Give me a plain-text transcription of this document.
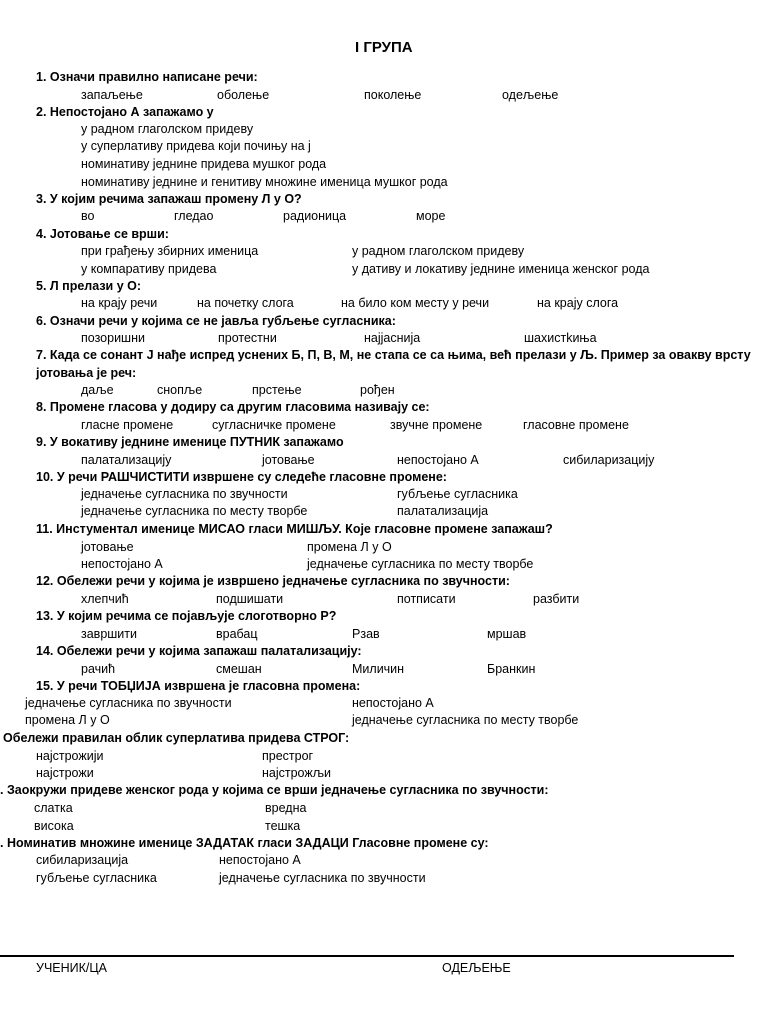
I ГРУПА
1. Означи правилно написане речи:
запаљење	оболење	поколење	одељење
2. Непостојано А запажамо у
у радном глаголском придеву
у суперлативу придева који почињу на ј
номинативу једнине придева мушког рода
номинативу једнине и генитиву множине именица мушког рода
3. У којим речима запажаш промену Л у О?
во	гледао	радионица	море
4. Јотовање се врши:
при грађењу збирних именица	у радном глаголском придеву
у компаративу придева	у дативу и локативу једнине именица женског рода
5. Л прелази у О:
на крају речи	на почетку слога	на било ком месту у речи	на крају слога
6. Означи речи у којима се не јавља губљење сугласника:
позоришни	протестни	најјаснија	шахистkиња
7. Када се сонант Ј нађе испред уснених Б, П, В, М, не стапа се са њима, већ прелази у Љ. Пример за овакву врсту
јотовања је реч:
даље	снопље	прстење	рођен
8. Промене гласова у додиру са другим гласовима називају се:
гласне промене	сугласничке промене	звучне промене	гласовне промене
9. У вокативу једнине именице ПУТНИК запажамо
палатализацију	јотовање	непостојано А	сибиларизацију
10. У речи РАШЧИСТИТИ извршене су следеће гласовне промене:
једначење сугласника по звучности	губљење сугласника
једначење сугласника по месту творбе	палатализација
11. Инстументал именице МИСАО гласи МИШЉУ. Које гласовне промене запажаш?
јотовање	промена Л у О
непостојано А	једначење сугласника по месту творбе
12. Обележи речи у којима је извршено једначење сугласника по звучности:
хлепчић	подшишати	потписати	разбити
13. У којим речима се појављује слоготворно Р?
завршити	врабац	Рзав	мршав
14. Обележи речи у којима запажаш палатализацију:
рачић	смешан	Миличин	Бранкин
15. У речи ТОБЏИЈА извршена је гласовна промена:
једначење сугласника по звучности	непостојано А
промена Л у О	једначење сугласника по месту творбе
Обележи правилан облик суперлатива придева СТРОГ:
најстрожији	престрог
најстрожи	најстрожљи
. Заокружи придеве женског рода у којима се врши једначење сугласника по звучности:
слатка	вредна
висока	тешка
. Номинатив множине именице ЗАДАТАК гласи ЗАДАЦИ Гласовне промене су:
сибиларизација	непостојано А
губљење сугласника	једначење сугласника по звучности
УЧЕНИК/ЦА	ОДЕЉЕЊЕ
